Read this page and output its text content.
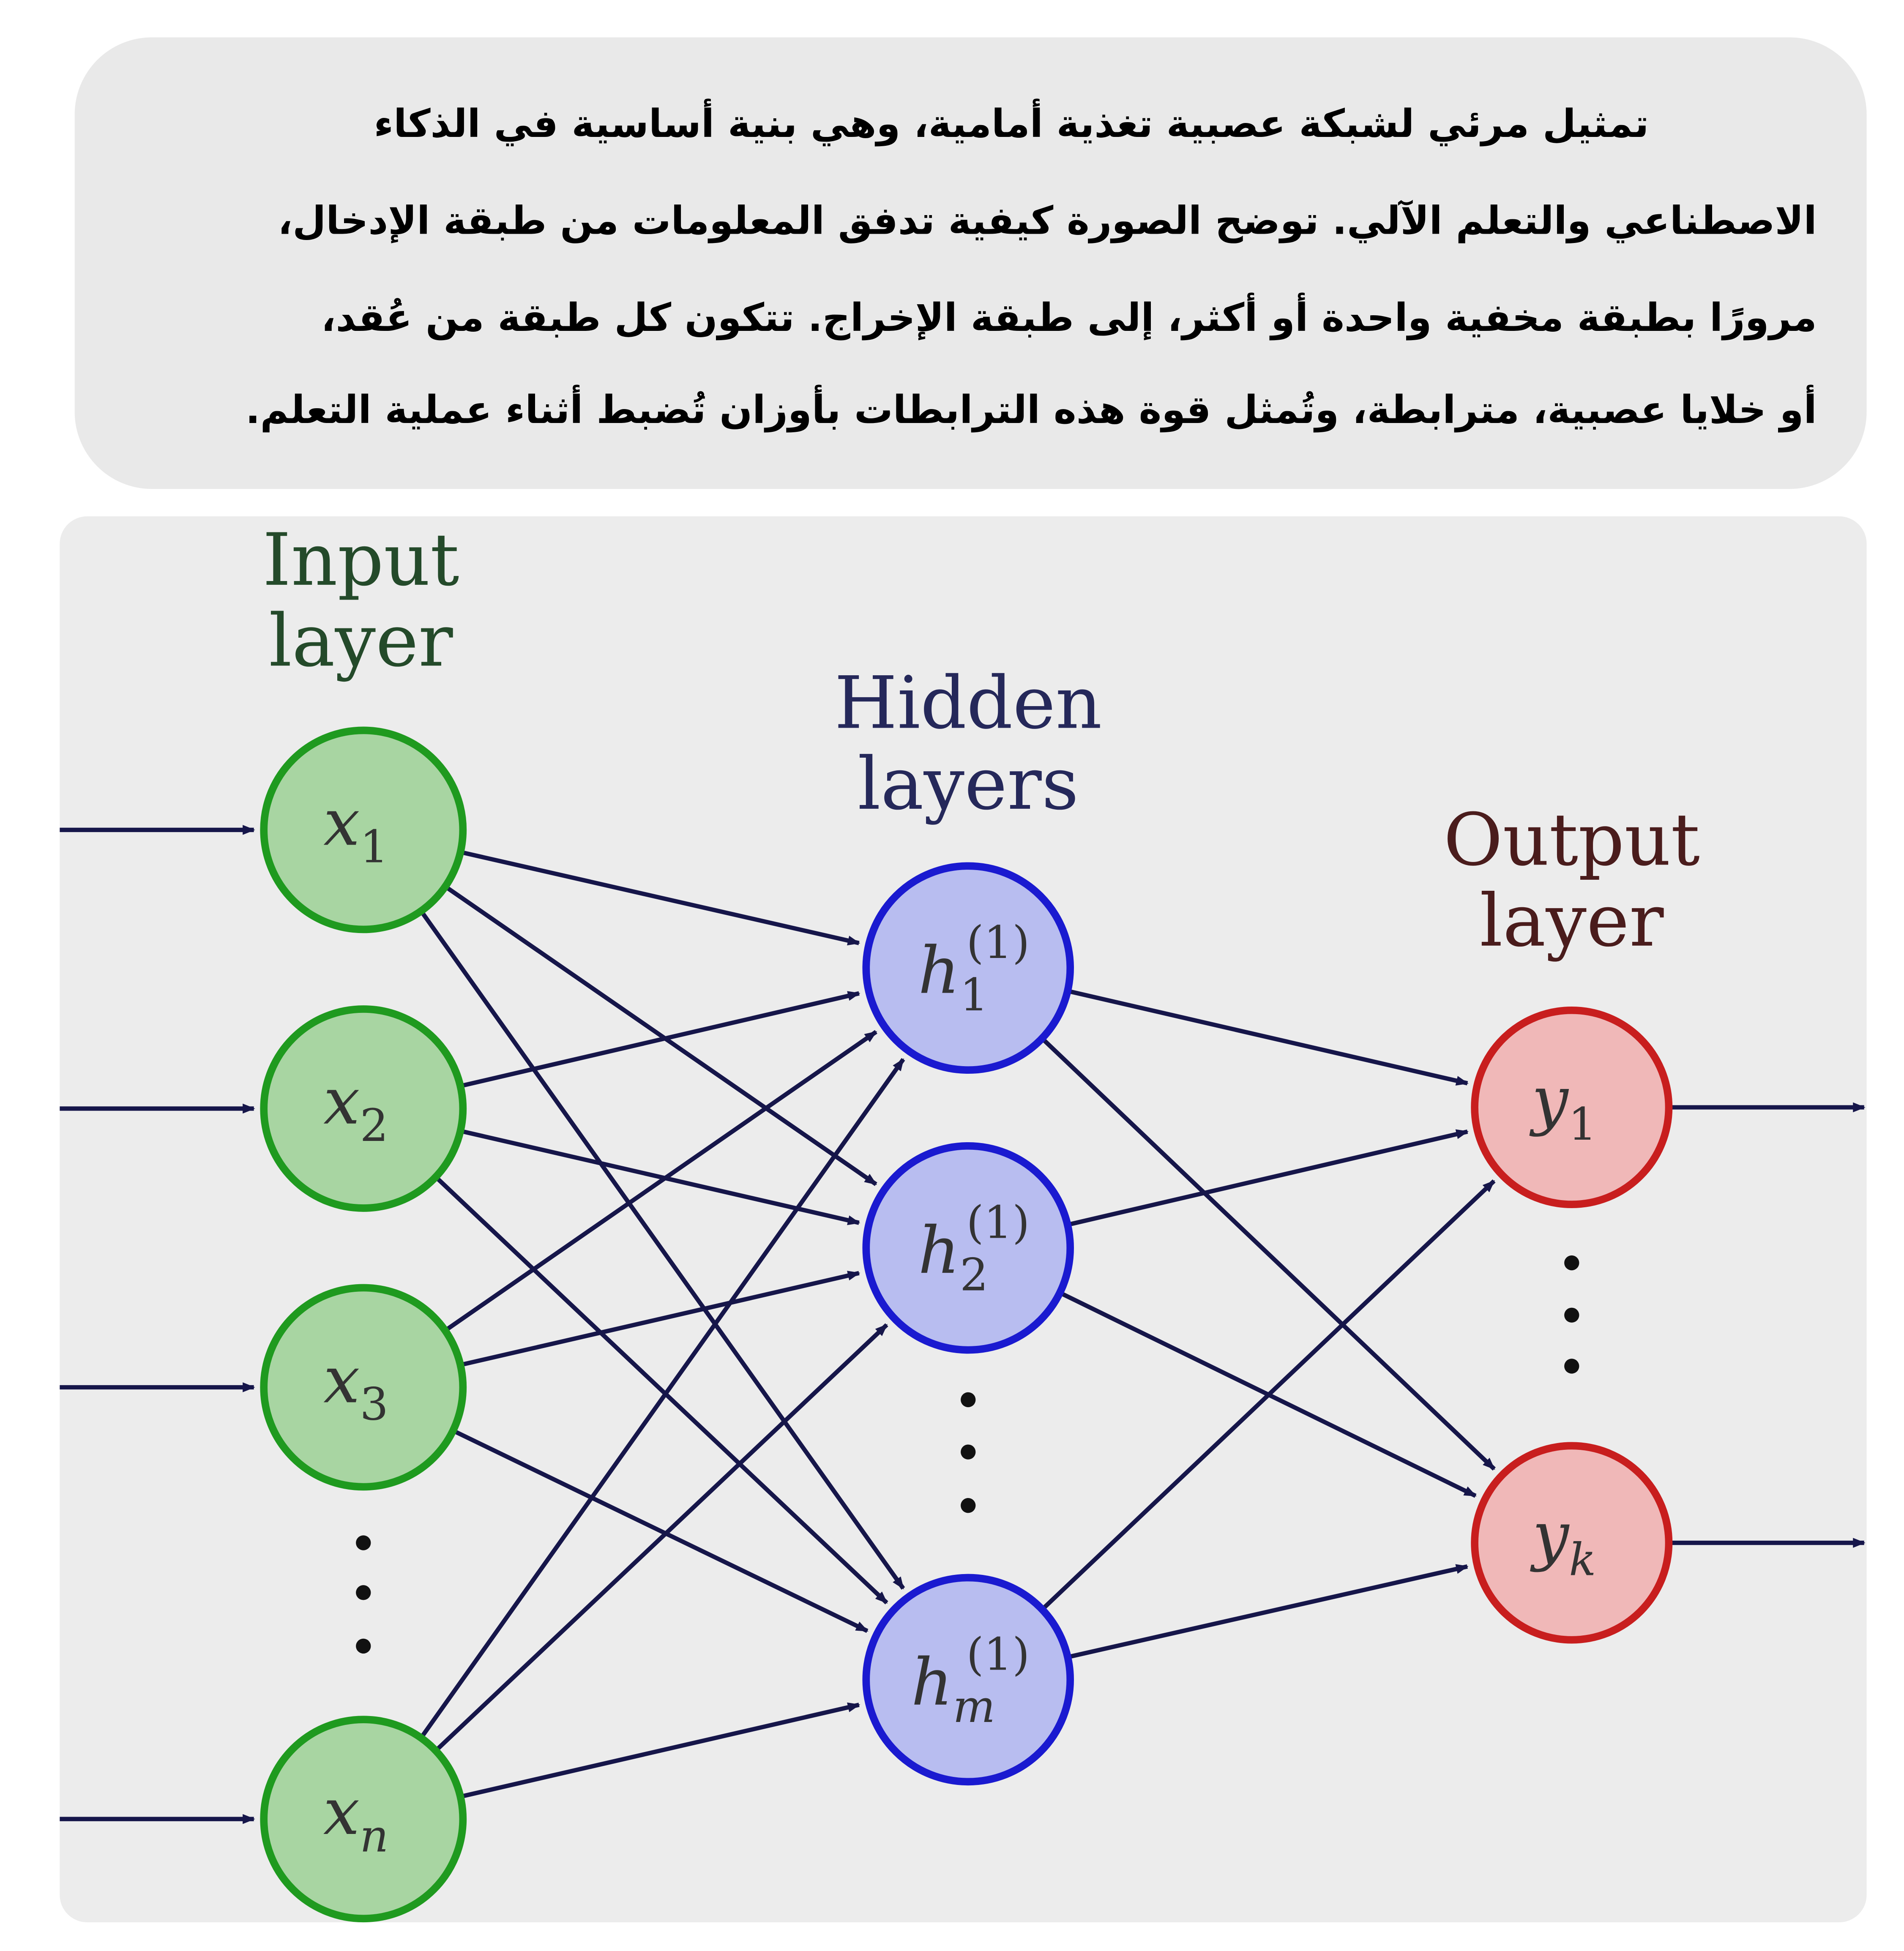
تمثيل مرئي لشبكة عصبية تغذية أمامية، وهي بنية أساسية في الذكاء
الاصطناعي والتعلم الآلي. توضح الصورة كيفية تدفق المعلومات من طبقة الإدخال،
مرورًا بطبقة مخفية واحدة أو أكثر، إلى طبقة الإخراج. تتكون كل طبقة من عُقد،
أو خلايا عصبية، مترابطة، وتُمثل قوة هذه الترابطات بأوزان تُضبط أثناء عملية التعلم.
$x_1$
$x_2$
$x_3$
$x_n$
$h_1$
(1)
$h_2$
(1)
$h_m$
(1)
$y_1$
$y_k$
Input
layer
Hidden
layers
Output
layer
